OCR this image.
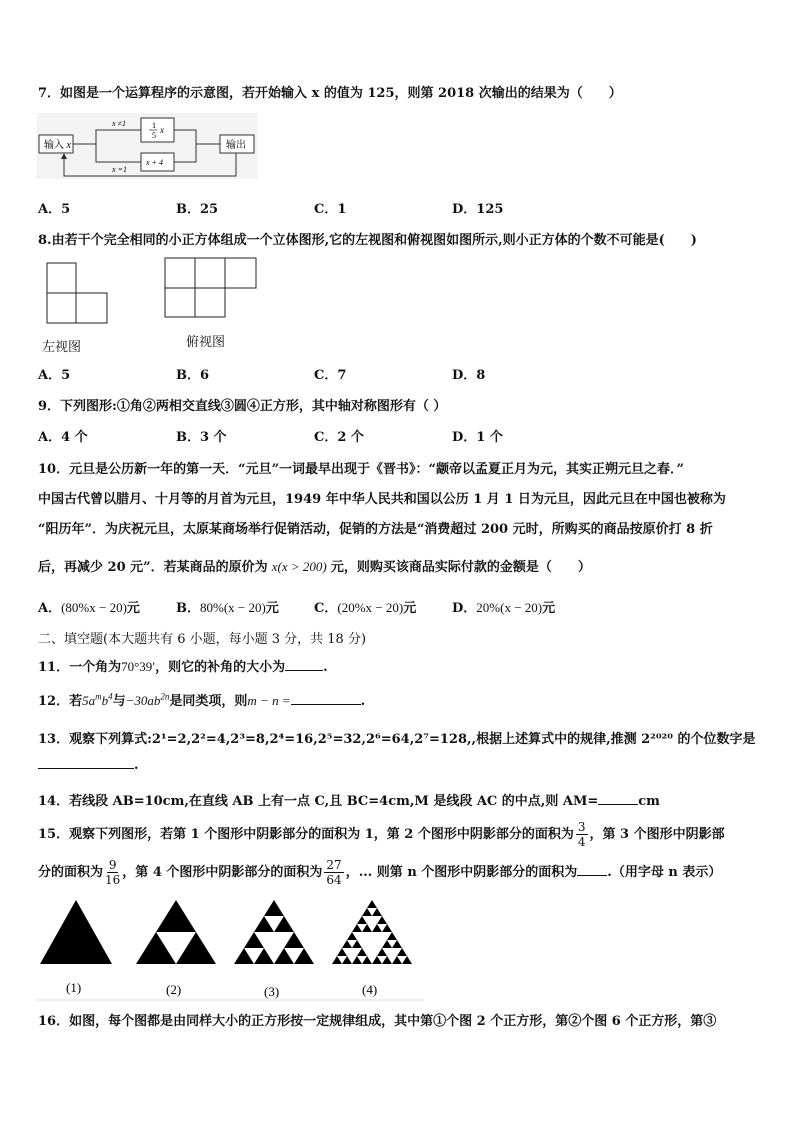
7．如图是一个运算程序的示意图，若开始输入 x 的值为 125，则第 2018 次输出的结果为（　　）
输入 x	输出
x ≠1
x =1
1
5
x
x + 4
A．5	B．25	C．1	D．125
8.由若干个完全相同的小正方体组成一个立体图形,它的左视图和俯视图如图所示,则小正方体的个数不可能是(　　)
左视图	俯视图
A．5	B．6	C．7	D．8
9．下列图形:①角②两相交直线③圆④正方形，其中轴对称图形有（ ）
A．4 个	B．3 个	C．2 个	D．1 个
10．元旦是公历新一年的第一天．“元旦”一词最早出现于《晋书》：“颛帝以孟夏正月为元，其实正朔元旦之春．”
中国古代曾以腊月、十月等的月首为元旦，1949 年中华人民共和国以公历 1 月 1 日为元旦，因此元旦在中国也被称为
“阳历年”．为庆祝元旦，太原某商场举行促销活动，促销的方法是“消费超过 200 元时，所购买的商品按原价打 8 折
后，再减少 20 元”．若某商品的原价为 x(x > 200) 元，则购买该商品实际付款的金额是（　　）
A．(80%x − 20)元	B．80%(x − 20)元	C．(20%x − 20)元	D．20%(x − 20)元
二、填空题(本大题共有 6 小题，每小题 3 分，共 18 分)
11．一个角为70°39′，则它的补角的大小为	.
12．若$5a^mb^4$与$-30ab^{2n}$是同类项，则m − n =	.
13．观察下列算式:2¹=2,2²=4,2³=8,2⁴=16,2⁵=32,2⁶=64,2⁷=128,,根据上述算式中的规律,推测 2²⁰²⁰ 的个位数字是
.
14．若线段 AB=10cm,在直线 AB 上有一点 C,且 BC=4cm,M 是线段 AC 的中点,则 AM=	cm
15．观察下列图形，若第 1 个图形中阴影部分的面积为 1，第 2 个图形中阴影部分的面积为 $\frac{3}{4}$ ，第 3 个图形中阴影部
分的面积为 $\frac{9}{16}$ ，第 4 个图形中阴影部分的面积为 $\frac{27}{64}$ ，... 则第 n 个图形中阴影部分的面积为 .（用字母 n 表示）
(1)	(2)	(3)	(4)
16．如图，每个图都是由同样大小的正方形按一定规律组成，其中第①个图 2 个正方形，第②个图 6 个正方形，第③
